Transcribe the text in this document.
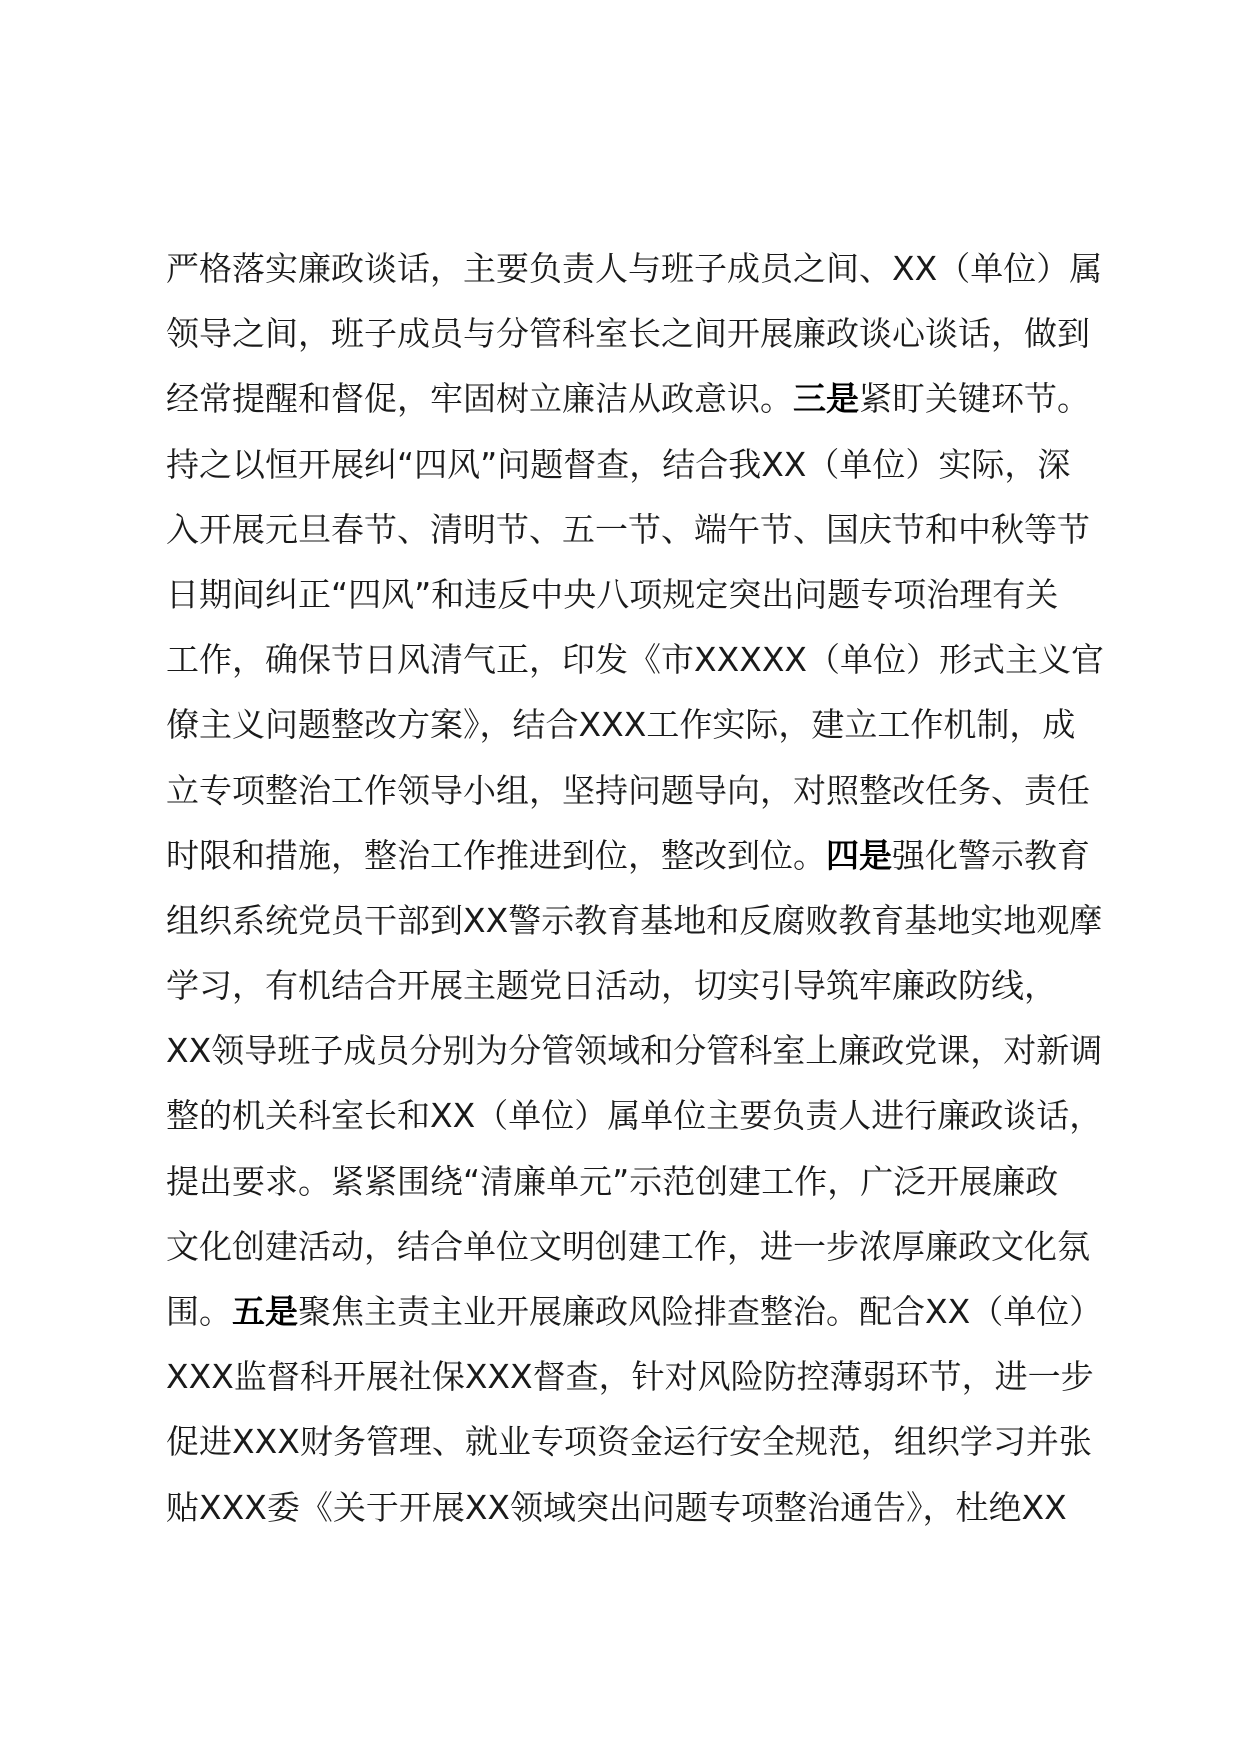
严格落实廉政谈话，主要负责人与班子成员之间、XX（单位）属
领导之间，班子成员与分管科室长之间开展廉政谈心谈话，做到
经常提醒和督促，牢固树立廉洁从政意识。三是紧盯关键环节。
持之以恒开展纠“四风”问题督查，结合我XX（单位）实际，深
入开展元旦春节、清明节、五一节、端午节、国庆节和中秋等节
日期间纠正“四风”和违反中央八项规定突出问题专项治理有关
工作，确保节日风清气正，印发《市XXXXX（单位）形式主义官
僚主义问题整改方案》，结合XXX工作实际，建立工作机制，成
立专项整治工作领导小组，坚持问题导向，对照整改任务、责任
时限和措施，整治工作推进到位，整改到位。四是强化警示教育
组织系统党员干部到XX警示教育基地和反腐败教育基地实地观摩
学习，有机结合开展主题党日活动，切实引导筑牢廉政防线，
XX领导班子成员分别为分管领域和分管科室上廉政党课，对新调
整的机关科室长和XX（单位）属单位主要负责人进行廉政谈话，
提出要求。紧紧围绕“清廉单元”示范创建工作，广泛开展廉政
文化创建活动，结合单位文明创建工作，进一步浓厚廉政文化氛
围。五是聚焦主责主业开展廉政风险排查整治。配合XX（单位）
XXX监督科开展社保XXX督查，针对风险防控薄弱环节，进一步
促进XXX财务管理、就业专项资金运行安全规范，组织学习并张
贴XXX委《关于开展XX领域突出问题专项整治通告》，杜绝XX
